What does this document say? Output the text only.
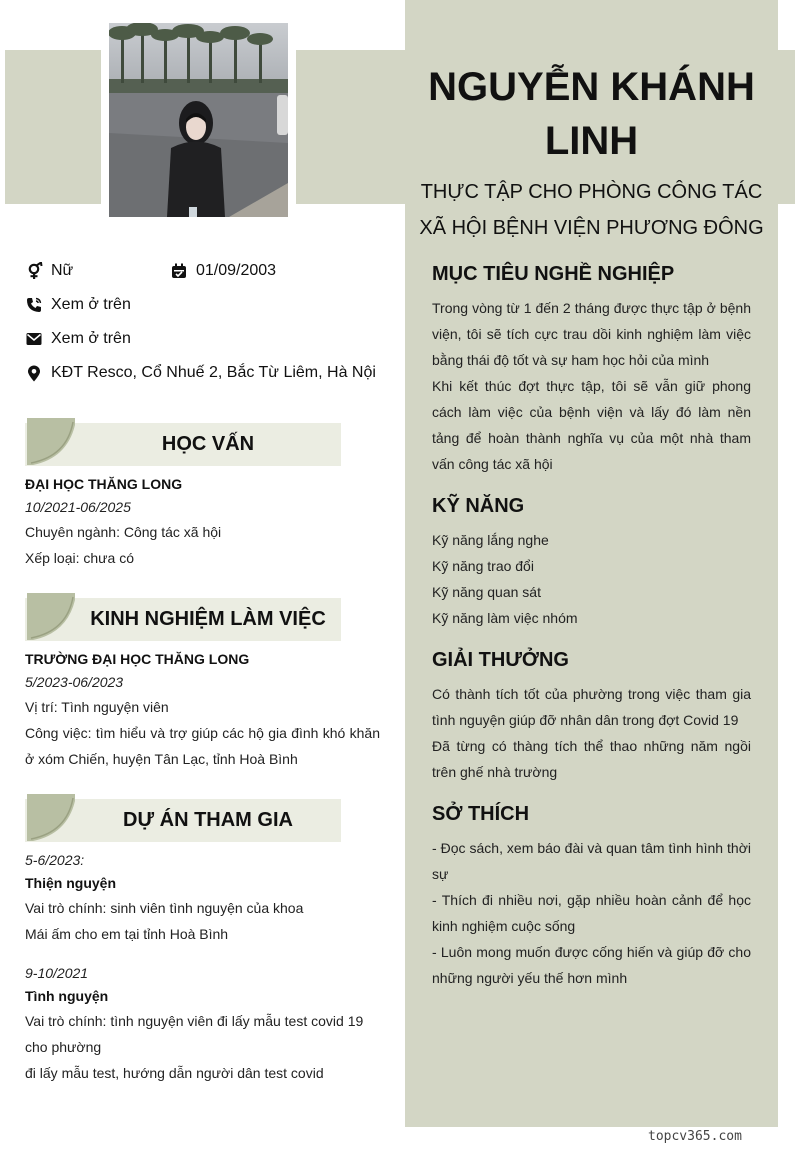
NGUYỄN KHÁNH LINH
THỰC TẬP CHO PHÒNG CÔNG TÁC XÃ HỘI BỆNH VIỆN PHƯƠNG ĐÔNG
Nữ	01/09/2003
Xem ở trên
Xem ở trên
KĐT Resco, Cổ Nhuế 2, Bắc Từ Liêm, Hà Nội
HỌC VẤN
ĐẠI HỌC THĂNG LONG
10/2021-06/2025
Chuyên ngành: Công tác xã hội
Xếp loại: chưa có
KINH NGHIỆM LÀM VIỆC
TRƯỜNG ĐẠI HỌC THĂNG LONG
5/2023-06/2023
Vị trí: Tình nguyện viên
Công việc: tìm hiểu và trợ giúp các hộ gia đình khó khăn ở xóm Chiến, huyện Tân Lạc, tỉnh Hoà Bình
DỰ ÁN THAM GIA
5-6/2023:
Thiện nguyện
Vai trò chính: sinh viên tình nguyện của khoa
Mái ấm cho em tại tỉnh Hoà Bình
9-10/2021
Tình nguyện
Vai trò chính: tình nguyện viên đi lấy mẫu test covid 19 cho phường
đi lấy mẫu test, hướng dẫn người dân test covid
MỤC TIÊU NGHỀ NGHIỆP

Trong vòng từ 1 đến 2 tháng được thực tập ở bệnh viện, tôi sẽ tích cực trau dồi kinh nghiệm làm việc bằng thái độ tốt và sự ham học hỏi của mình

Khi kết thúc đợt thực tập, tôi sẽ vẫn giữ phong cách làm việc của bệnh viện và lấy đó làm nền tảng để hoàn thành nghĩa vụ của một nhà tham vấn công tác xã hội

KỸ NĂNG

Kỹ năng lắng nghe

Kỹ năng trao đổi

Kỹ năng quan sát

Kỹ năng làm việc nhóm

GIẢI THƯỞNG

Có thành tích tốt của phường trong việc tham gia tình nguyện giúp đỡ nhân dân trong đợt Covid 19

Đã từng có thàng tích thể thao những năm ngồi trên ghế nhà trường

SỞ THÍCH

- Đọc sách, xem báo đài và quan tâm tình hình thời sự

- Thích đi nhiều nơi, gặp nhiều hoàn cảnh để học kinh nghiệm cuộc sống

- Luôn mong muốn được cống hiến và giúp đỡ cho những người yếu thế hơn mình

topcv365.com
